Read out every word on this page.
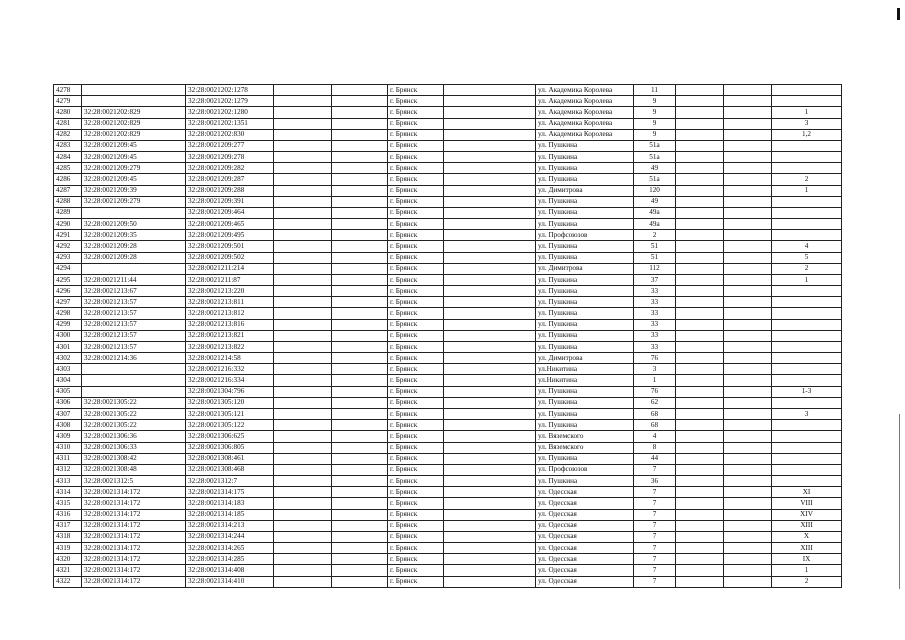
4278		32:28:0021202:1278			г. Брянск		ул. Академика Королева	11			
4279		32:28:0021202:1279			г. Брянск		ул. Академика Королева	9			
4280	32:28:0021202:829	32:28:0021202:1280			г. Брянск		ул. Академика Королева	9			1
4281	32:28:0021202:829	32:28:0021202:1351			г. Брянск		ул. Академика Королева	9			3
4282	32:28:0021202:829	32:28:0021202:830			г. Брянск		ул. Академика Королева	9			1,2
4283	32:28:0021209:45	32:28:0021209:277			г. Брянск		ул. Пушкина	51а			
4284	32:28:0021209:45	32:28:0021209:278			г. Брянск		ул. Пушкина	51а			
4285	32:28:0021209:279	32:28:0021209:282			г. Брянск		ул. Пушкина	49			
4286	32:28:0021209:45	32:28:0021209:287			г. Брянск		ул. Пушкина	51а			2
4287	32:28:0021209:39	32:28:0021209:288			г. Брянск		ул. Димитрова	120			1
4288	32:28:0021209:279	32:28:0021209:391			г. Брянск		ул. Пушкина	49			
4289		32:28:0021209:464			г. Брянск		ул. Пушкина	49а			
4290	32:28:0021209:50	32:28:0021209:465			г. Брянск		ул. Пушкина	49а			
4291	32:28:0021209:35	32:28:0021209:495			г. Брянск		ул. Профсоюзов	2			
4292	32:28:0021209:28	32:28:0021209:501			г. Брянск		ул. Пушкина	51			4
4293	32:28:0021209:28	32:28:0021209:502			г. Брянск		ул. Пушкина	51			5
4294		32:28:0021211:214			г. Брянск		ул. Димитрова	112			2
4295	32:28:0021211:44	32:28:0021211:87			г. Брянск		ул. Пушкина	37			1
4296	32:28:0021213:67	32:28:0021213:220			г. Брянск		ул. Пушкина	33			
4297	32:28:0021213:57	32:28:0021213:811			г. Брянск		ул. Пушкина	33			
4298	32:28:0021213:57	32:28:0021213:812			г. Брянск		ул. Пушкина	33			
4299	32:28:0021213:57	32:28:0021213:816			г. Брянск		ул. Пушкина	33			
4300	32:28:0021213:57	32:28:0021213:821			г. Брянск		ул. Пушкина	33			
4301	32:28:0021213:57	32:28:0021213:822			г. Брянск		ул. Пушкина	33			
4302	32:28:0021214:36	32:28:0021214:58			г. Брянск		ул. Димитрова	76			
4303		32:28:0021216:332			г. Брянск		ул.Никитина	3			
4304		32:28:0021216:334			г. Брянск		ул.Никитина	1			
4305		32:28:0021304:796			г. Брянск		ул. Пушкина	76			1-3
4306	32:28:0021305:22	32:28:0021305:120			г. Брянск		ул. Пушкина	62			
4307	32:28:0021305:22	32:28:0021305:121			г. Брянск		ул. Пушкина	68			3
4308	32:28:0021305:22	32:28:0021305:122			г. Брянск		ул. Пушкина	68			
4309	32:28:0021306:36	32:28:0021306:625			г. Брянск		ул. Вяземского	4			
4310	32:28:0021306:33	32:28:0021306:805			г. Брянск		ул. Вяземского	8			
4311	32:28:0021308:42	32:28:0021308:461			г. Брянск		ул. Пушкина	44			
4312	32:28:0021308:48	32:28:0021308:468			г. Брянск		ул. Профсоюзов	7			
4313	32:28:0021312:5	32:28:0021312:7			г. Брянск		ул. Пушкина	36			
4314	32:28:0021314:172	32:28:0021314:175			г. Брянск		ул. Одесская	7			XI
4315	32:28:0021314:172	32:28:0021314:183			г. Брянск		ул. Одесская	7			VIII
4316	32:28:0021314:172	32:28:0021314:185			г. Брянск		ул. Одесская	7			XIV
4317	32:28:0021314:172	32:28:0021314:213			г. Брянск		ул. Одесская	7			XIII
4318	32:28:0021314:172	32:28:0021314:244			г. Брянск		ул. Одесская	7			X
4319	32:28:0021314:172	32:28:0021314:265			г. Брянск		ул. Одесская	7			XIII
4320	32:28:0021314:172	32:28:0021314:285			г. Брянск		ул. Одесская	7			IX
4321	32:28:0021314:172	32:28:0021314:408			г. Брянск		ул. Одесская	7			1
4322	32:28:0021314:172	32:28:0021314:410			г. Брянск		ул. Одесская	7			2
